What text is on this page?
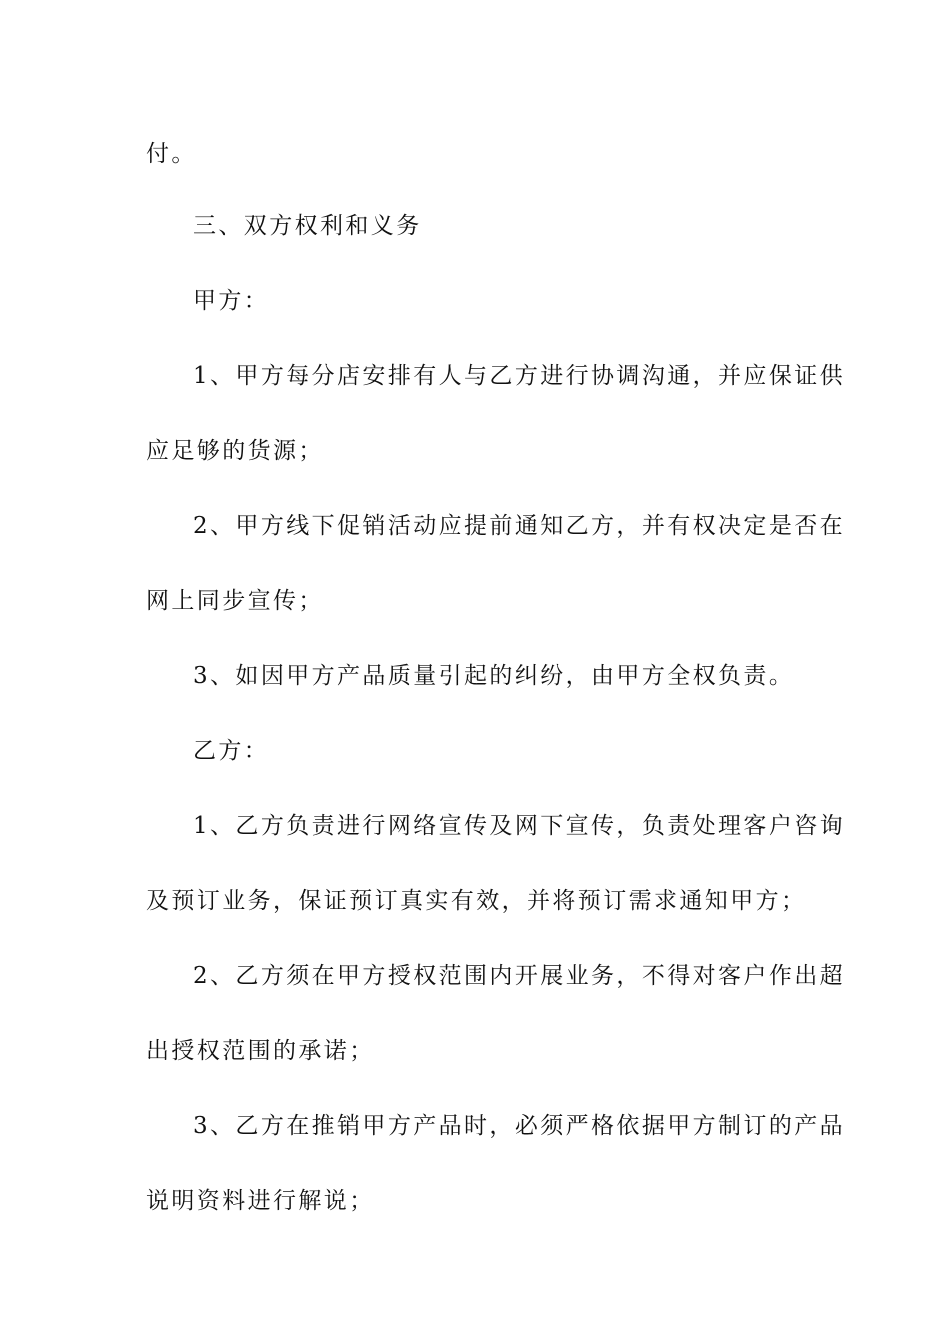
付。
三、双方权利和义务
甲方：
1、甲方每分店安排有人与乙方进行协调沟通，并应保证供
应足够的货源；
2、甲方线下促销活动应提前通知乙方，并有权决定是否在
网上同步宣传；
3、如因甲方产品质量引起的纠纷，由甲方全权负责。
乙方：
1、乙方负责进行网络宣传及网下宣传，负责处理客户咨询
及预订业务，保证预订真实有效，并将预订需求通知甲方；
2、乙方须在甲方授权范围内开展业务，不得对客户作出超
出授权范围的承诺；
3、乙方在推销甲方产品时，必须严格依据甲方制订的产品
说明资料进行解说；
